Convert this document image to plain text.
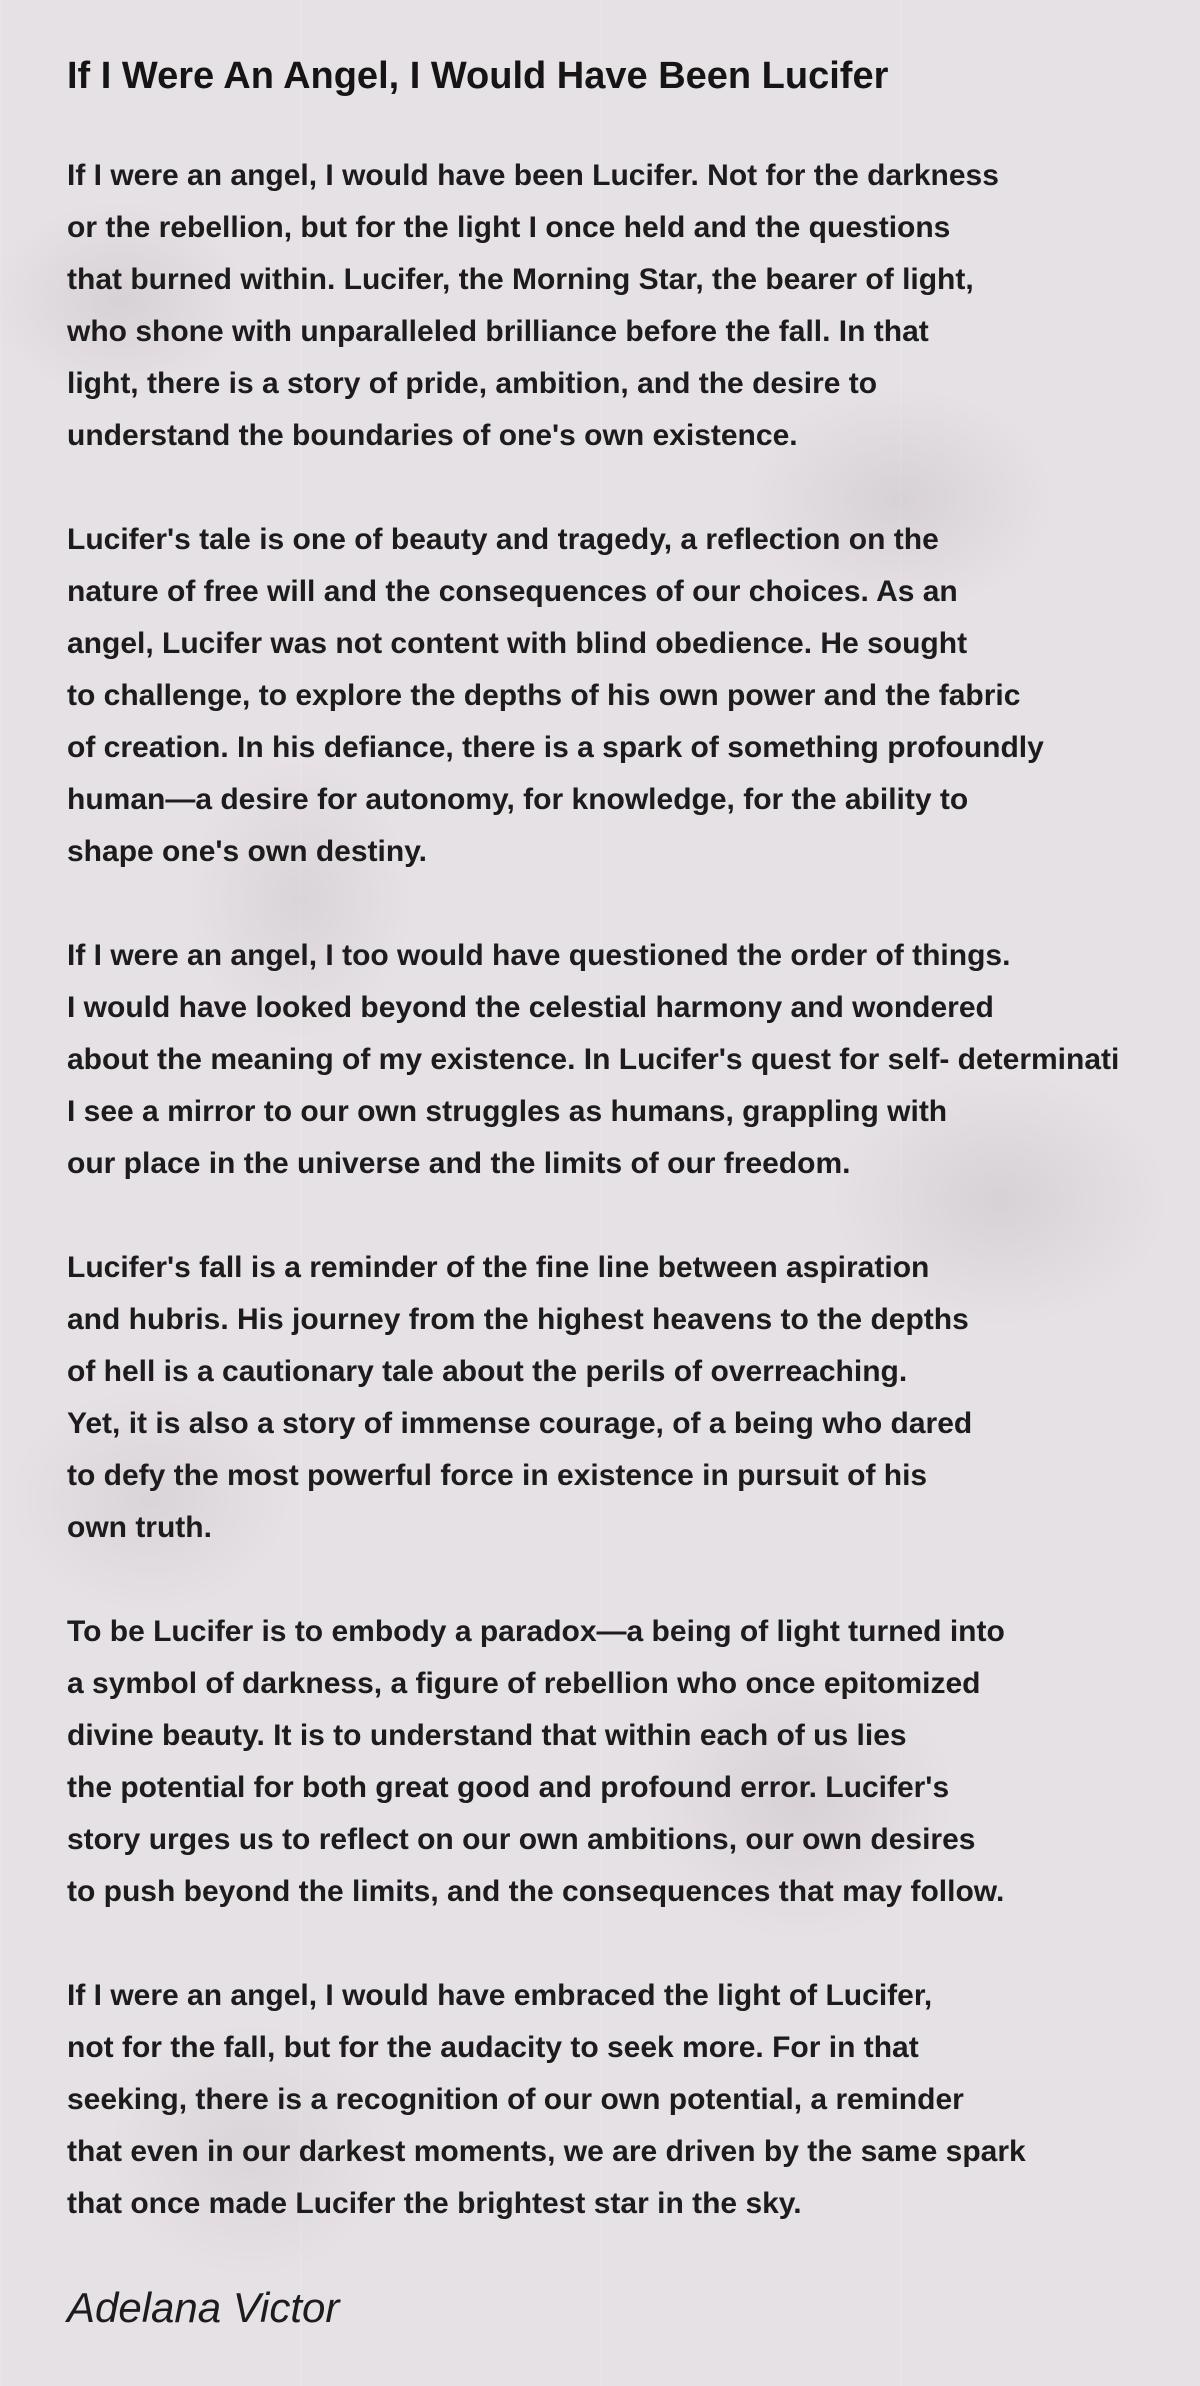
If I Were An Angel, I Would Have Been Lucifer
If I were an angel, I would have been Lucifer. Not for the darkness
or the rebellion, but for the light I once held and the questions
that burned within. Lucifer, the Morning Star, the bearer of light,
who shone with unparalleled brilliance before the fall. In that
light, there is a story of pride, ambition, and the desire to
understand the boundaries of one's own existence.
Lucifer's tale is one of beauty and tragedy, a reflection on the
nature of free will and the consequences of our choices. As an
angel, Lucifer was not content with blind obedience. He sought
to challenge, to explore the depths of his own power and the fabric
of creation. In his defiance, there is a spark of something profoundly
human—a desire for autonomy, for knowledge, for the ability to
shape one's own destiny.
If I were an angel, I too would have questioned the order of things.
I would have looked beyond the celestial harmony and wondered
about the meaning of my existence. In Lucifer's quest for self- determinati
I see a mirror to our own struggles as humans, grappling with
our place in the universe and the limits of our freedom.
Lucifer's fall is a reminder of the fine line between aspiration
and hubris. His journey from the highest heavens to the depths
of hell is a cautionary tale about the perils of overreaching.
Yet, it is also a story of immense courage, of a being who dared
to defy the most powerful force in existence in pursuit of his
own truth.
To be Lucifer is to embody a paradox—a being of light turned into
a symbol of darkness, a figure of rebellion who once epitomized
divine beauty. It is to understand that within each of us lies
the potential for both great good and profound error. Lucifer's
story urges us to reflect on our own ambitions, our own desires
to push beyond the limits, and the consequences that may follow.
If I were an angel, I would have embraced the light of Lucifer,
not for the fall, but for the audacity to seek more. For in that
seeking, there is a recognition of our own potential, a reminder
that even in our darkest moments, we are driven by the same spark
that once made Lucifer the brightest star in the sky.
Adelana Victor
